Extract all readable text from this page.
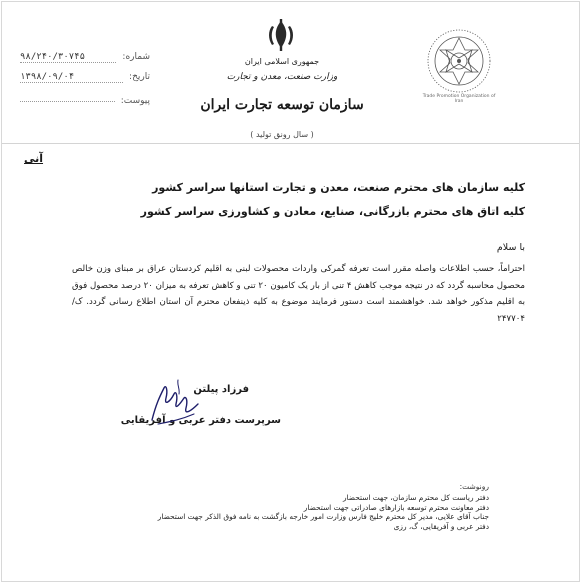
شماره:
۹۸/۲۴۰/۳۰۷۴۵
تاریخ:
۱۳۹۸/۰۹/۰۴
پیوست:
جمهوری اسلامی ایران
وزارت صنعت، معدن و تجارت
سازمان توسعه تجارت ایران
( سال رونق تولید )
Trade Promotion Organization of Iran
آنی
کلیه سازمان های محترم صنعت، معدن و تجارت استانها سراسر کشور
کلیه اتاق های محترم بازرگانی، صنایع، معادن و کشاورزی سراسر کشور
با سلام
احتراماً، حسب اطلاعات واصله مقرر است تعرفه گمرکی واردات محصولات لبنی به اقلیم کردستان عراق بر مبنای وزن خالص محصول محاسبه گردد که در نتیجه موجب کاهش ۴ تنی از بار یک کامیون ۲۰ تنی و کاهش تعرفه به میزان ۲۰ درصد محصول فوق به اقلیم مذکور خواهد شد. خواهشمند است دستور فرمایند موضوع به کلیه ذینفعان محترم آن استان اطلاع رسانی گردد. ک/ ۲۴۷۷۰۴
فرزاد پیلتن
سرپرست دفتر عربی و آفریقایی
رونوشت:
دفتر ریاست کل محترم سازمان، جهت استحضار
دفتر معاونت محترم توسعه بازارهای صادراتی جهت استحضار
جناب آقای علایی، مدیر کل محترم خلیج فارس وزارت امور خارجه بازگشت به نامه فوق الذکر جهت استحضار
دفتر عربی و آفریقایی، گ، رزی
